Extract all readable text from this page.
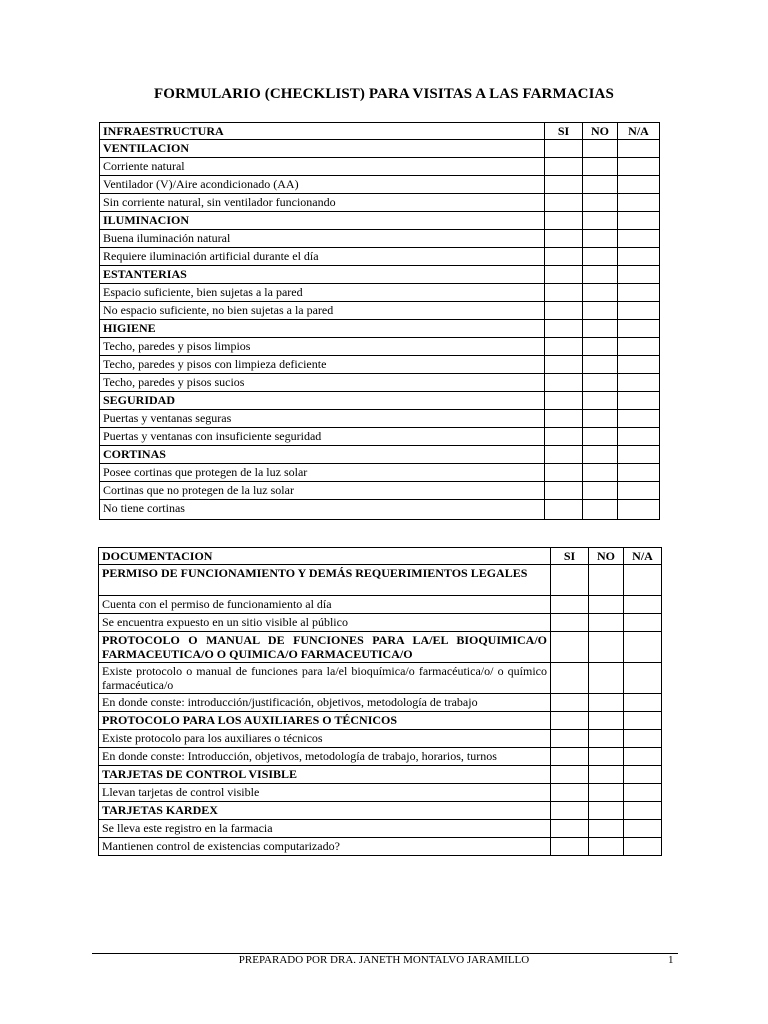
FORMULARIO (CHECKLIST) PARA VISITAS A LAS FARMACIAS
INFRAESTRUCTURA	SI	NO	N/A
VENTILACION			
Corriente natural			
Ventilador (V)/Aire acondicionado (AA)			
Sin corriente natural, sin ventilador funcionando			
ILUMINACION			
Buena iluminación natural			
Requiere iluminación artificial durante el día			
ESTANTERIAS			
Espacio suficiente, bien sujetas a la pared			
No espacio suficiente, no bien sujetas a la pared			
HIGIENE			
Techo, paredes y pisos limpios			
Techo, paredes y pisos con limpieza deficiente			
Techo, paredes y pisos sucios			
SEGURIDAD			
Puertas y ventanas seguras			
Puertas y ventanas con insuficiente seguridad			
CORTINAS			
Posee cortinas que protegen de la luz solar			
Cortinas que no protegen de la luz solar			
No tiene cortinas			
DOCUMENTACION	SI	NO	N/A
PERMISO DE FUNCIONAMIENTO Y DEMÁS REQUERIMIENTOS LEGALES			
Cuenta con el permiso de funcionamiento al día			
Se encuentra expuesto en un sitio visible al público			
PROTOCOLO O MANUAL DE FUNCIONES PARA LA/EL BIOQUIMICA/O FARMACEUTICA/O O QUIMICA/O FARMACEUTICA/O			
Existe protocolo o manual de funciones para la/el bioquímica/o farmacéutica/o/ o químico farmacéutica/o			
En donde conste: introducción/justificación, objetivos, metodología de trabajo			
PROTOCOLO PARA LOS AUXILIARES O TÉCNICOS			
Existe protocolo para los auxiliares o técnicos			
En donde conste: Introducción, objetivos, metodología de trabajo, horarios, turnos			
TARJETAS DE CONTROL VISIBLE			
Llevan tarjetas de control visible			
TARJETAS KARDEX			
Se lleva este registro en la farmacia			
Mantienen control de existencias computarizado?			
PREPARADO POR DRA. JANETH MONTALVO JARAMILLO	1
